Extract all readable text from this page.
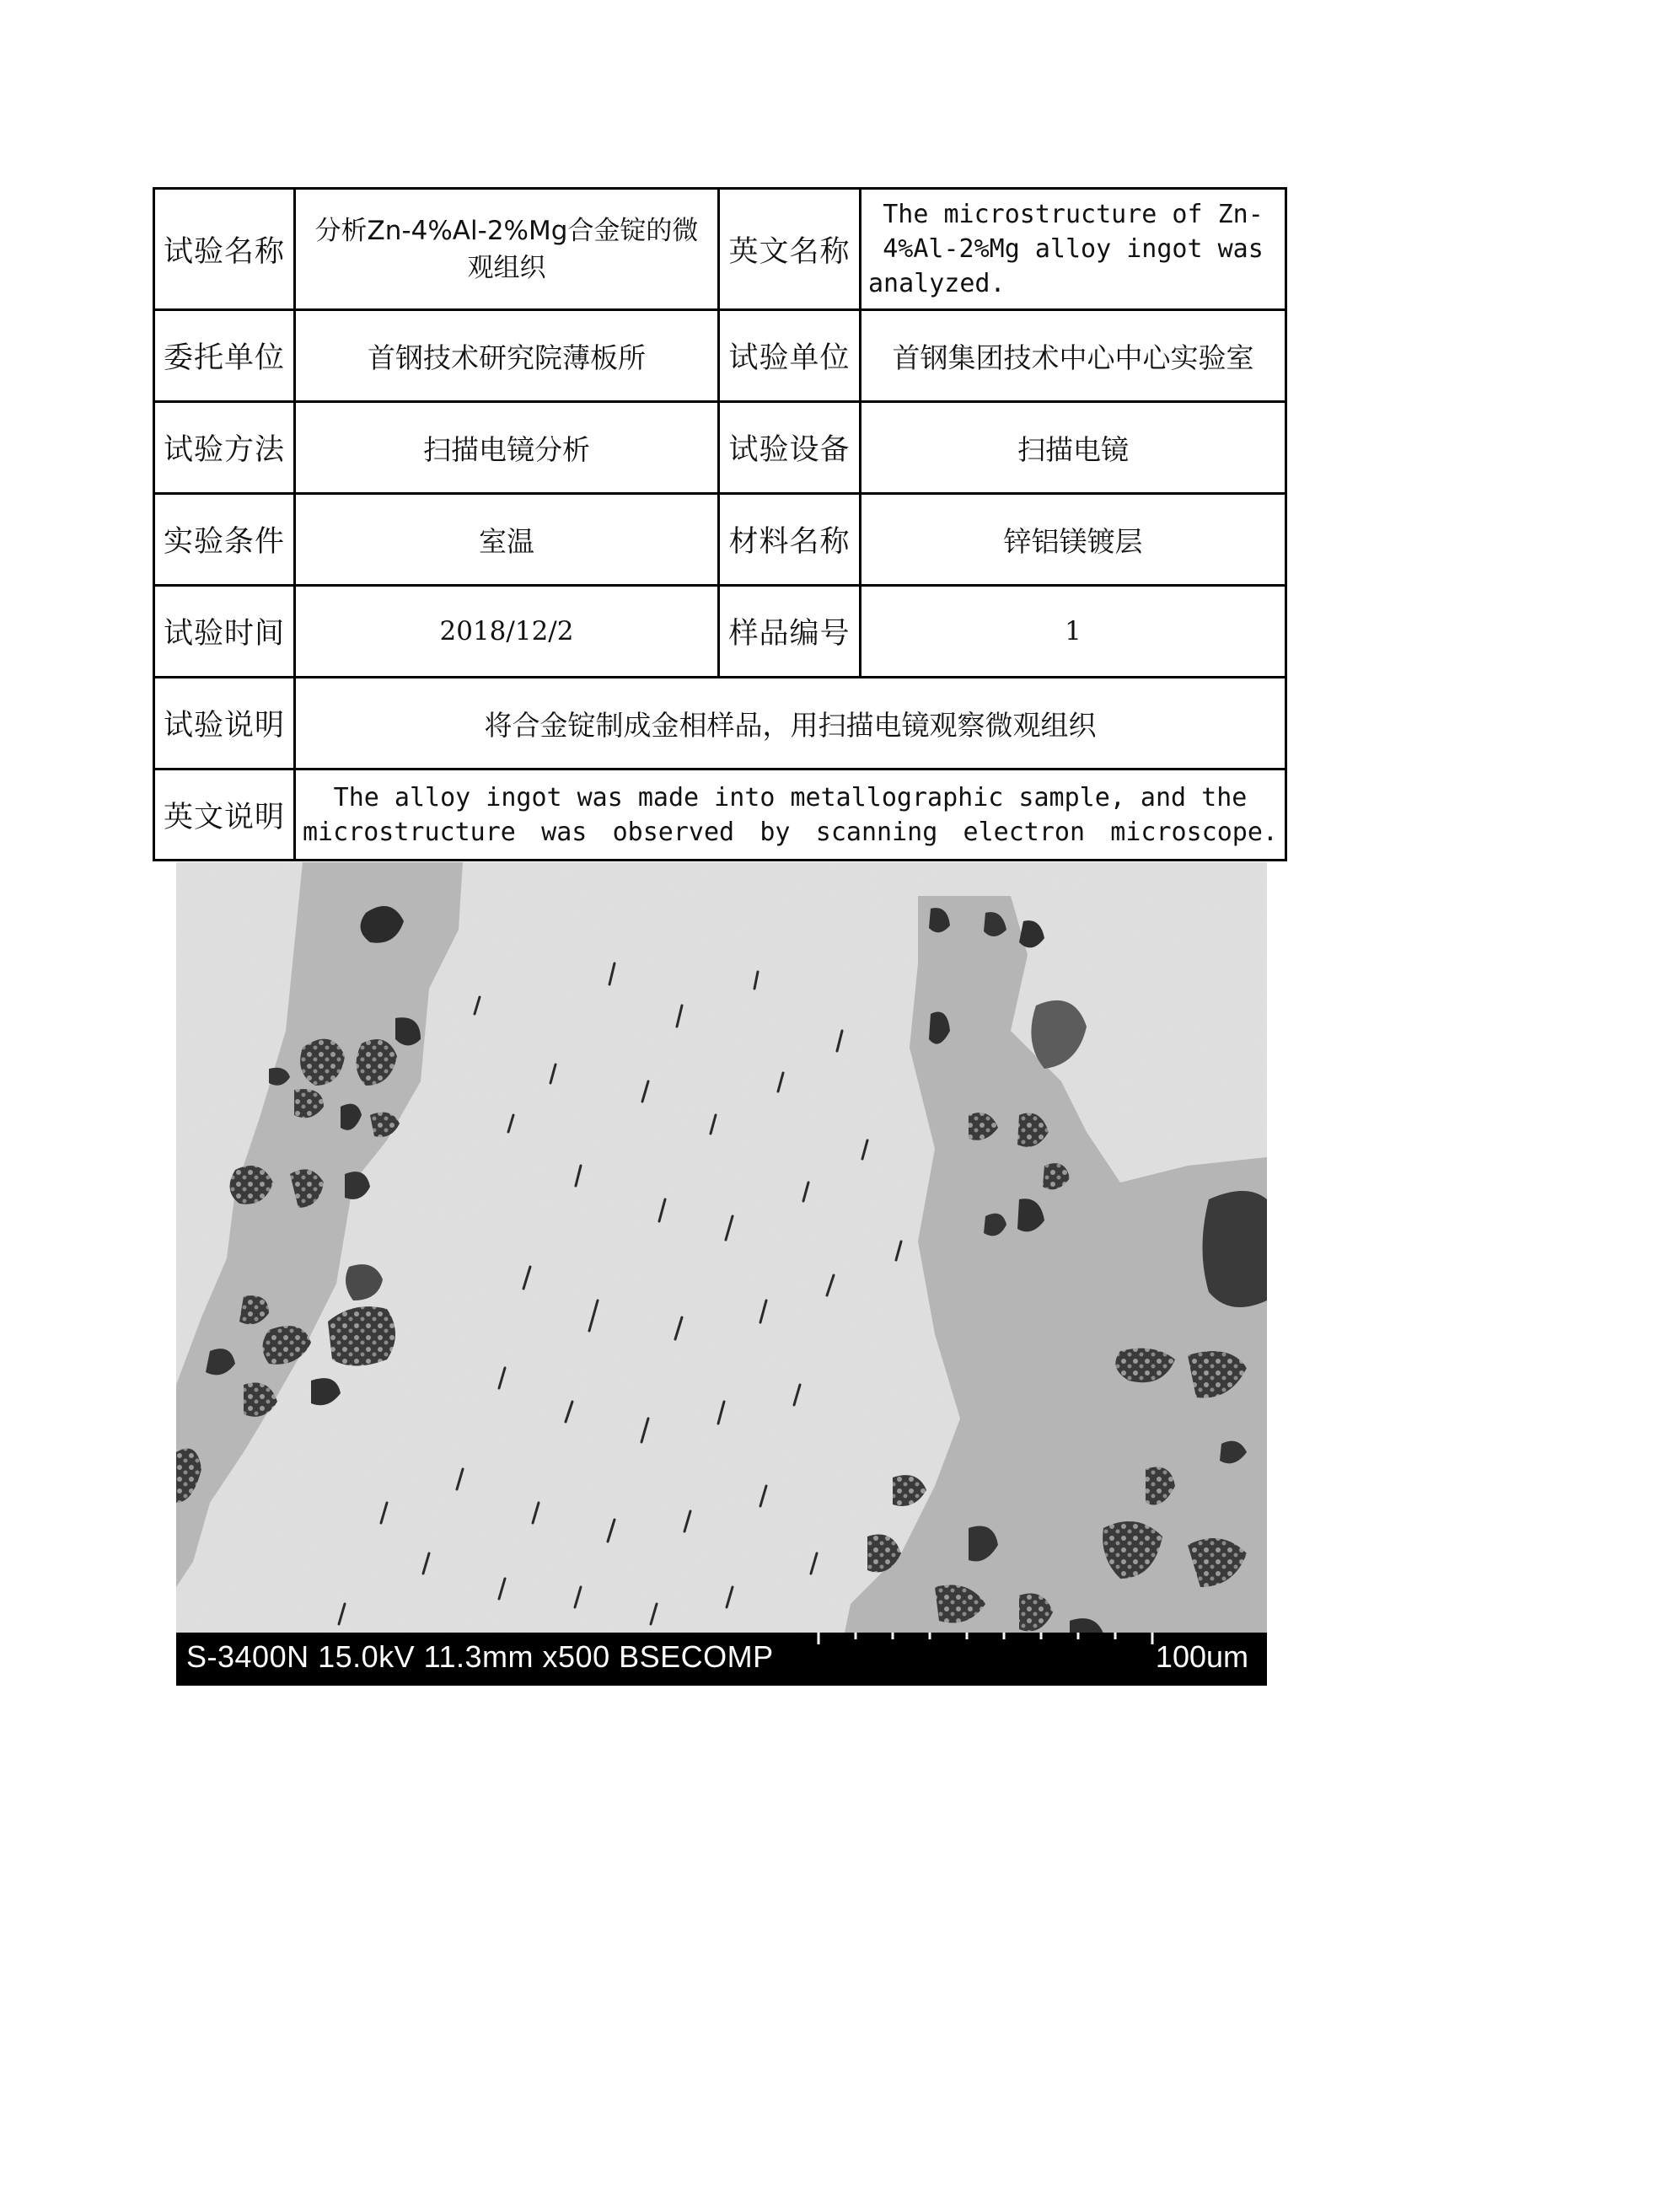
试验名称	分析Zn-4%Al-2%Mg合金锭的微观组织	英文名称	The microstructure of Zn-4%Al-2%Mg alloy ingot was analyzed.
委托单位	首钢技术研究院薄板所	试验单位	首钢集团技术中心中心实验室
试验方法	扫描电镜分析	试验设备	扫描电镜
实验条件	室温	材料名称	锌铝镁镀层
试验时间	2018/12/2	样品编号	1
试验说明	将合金锭制成金相样品，用扫描电镜观察微观组织		
英文说明	The alloy ingot was made into metallographic sample, and the microstructure was observed by scanning electron microscope.		
S-3400N 15.0kV 11.3mm x500 BSECOMP	100um
